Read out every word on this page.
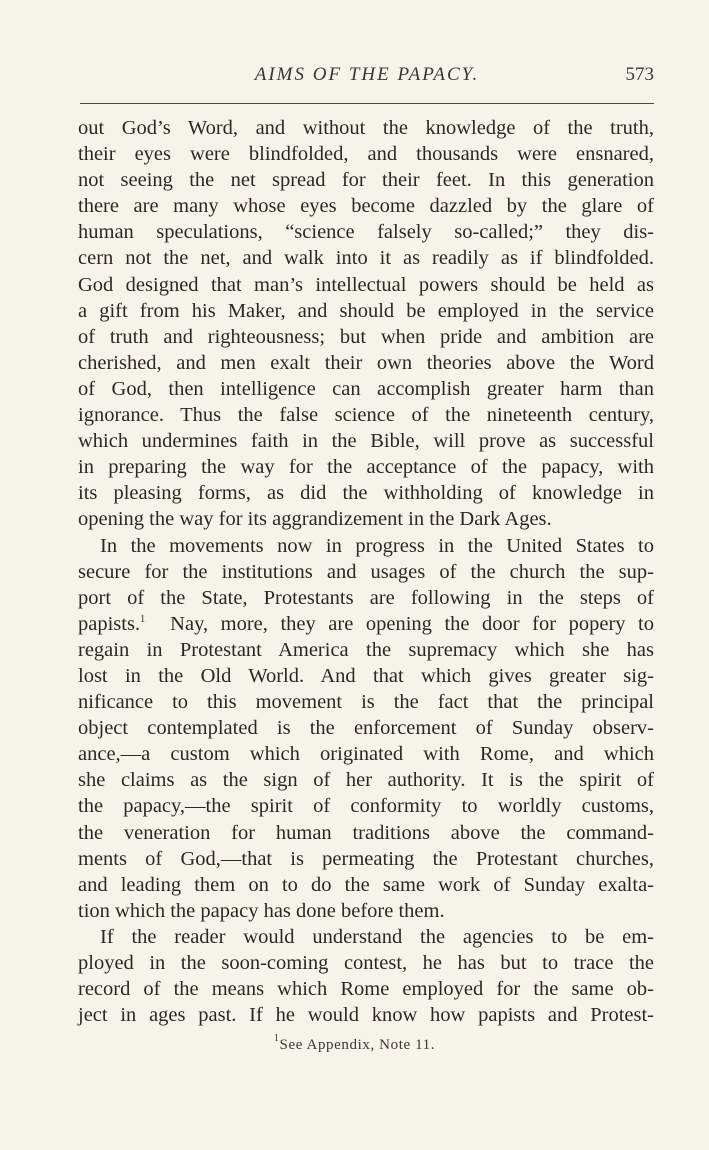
AIMS OF THE PAPACY.	573
out God’s Word, and without the knowledge of the truth,
their eyes were blindfolded, and thousands were ensnared,
not seeing the net spread for their feet. In this generation
there are many whose eyes become dazzled by the glare of
human speculations, “science falsely so-called;” they dis-
cern not the net, and walk into it as readily as if blindfolded.
God designed that man’s intellectual powers should be held as
a gift from his Maker, and should be employed in the service
of truth and righteousness; but when pride and ambition are
cherished, and men exalt their own theories above the Word
of God, then intelligence can accomplish greater harm than
ignorance. Thus the false science of the nineteenth century,
which undermines faith in the Bible, will prove as successful
in preparing the way for the acceptance of the papacy, with
its pleasing forms, as did the withholding of knowledge in
opening the way for its aggrandizement in the Dark Ages.
In the movements now in progress in the United States to
secure for the institutions and usages of the church the sup-
port of the State, Protestants are following in the steps of
papists.$^1$ Nay, more, they are opening the door for popery to
regain in Protestant America the supremacy which she has
lost in the Old World. And that which gives greater sig-
nificance to this movement is the fact that the principal
object contemplated is the enforcement of Sunday observ-
ance,—a custom which originated with Rome, and which
she claims as the sign of her authority. It is the spirit of
the papacy,—the spirit of conformity to worldly customs,
the veneration for human traditions above the command-
ments of God,—that is permeating the Protestant churches,
and leading them on to do the same work of Sunday exalta-
tion which the papacy has done before them.
If the reader would understand the agencies to be em-
ployed in the soon-coming contest, he has but to trace the
record of the means which Rome employed for the same ob-
ject in ages past. If he would know how papists and Protest-
$^1$See Appendix, Note 11.
